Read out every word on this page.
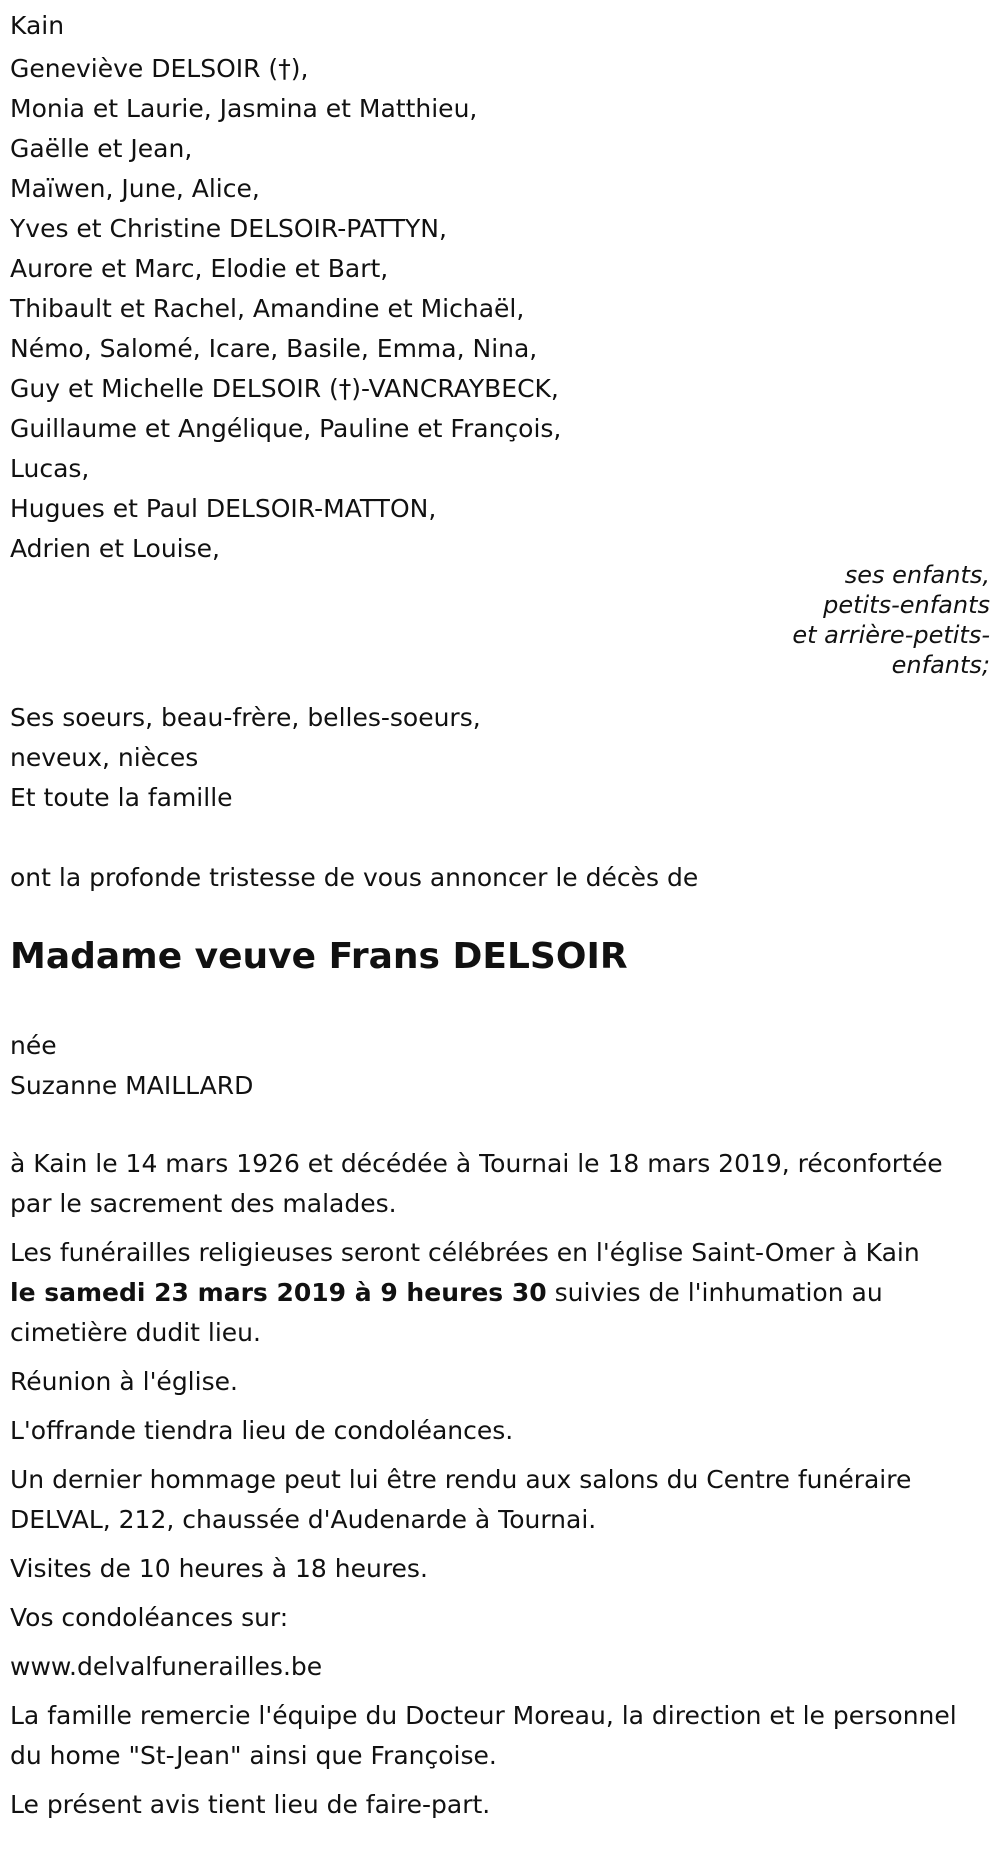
Kain

Geneviève DELSOIR (†),

Monia et Laurie, Jasmina et Matthieu,

Gaëlle et Jean,

Maïwen, June, Alice,

Yves et Christine DELSOIR-PATTYN,

Aurore et Marc, Elodie et Bart,

Thibault et Rachel, Amandine et Michaël,

Némo, Salomé, Icare, Basile, Emma, Nina,

Guy et Michelle DELSOIR (†)-VANCRAYBECK,

Guillaume et Angélique, Pauline et François,

Lucas,

Hugues et Paul DELSOIR-MATTON,

Adrien et Louise,

ses enfants, petits-enfants
et arrière-petits-enfants;

Ses soeurs, beau-frère, belles-soeurs,

neveux, nièces

Et toute la famille

ont la profonde tristesse de vous annoncer le décès de

Madame veuve Frans DELSOIR

née

Suzanne MAILLARD

à Kain le 14 mars 1926 et décédée à Tournai le 18 mars 2019, réconfortée par le sacrement des malades.

Les funérailles religieuses seront célébrées en l'église Saint-Omer à Kain
le samedi 23 mars 2019 à 9 heures 30 suivies de l'inhumation au cimetière dudit lieu.

Réunion à l'église.

L'offrande tiendra lieu de condoléances.

Un dernier hommage peut lui être rendu aux salons du Centre funéraire DELVAL, 212, chaussée d'Audenarde à Tournai.

Visites de 10 heures à 18 heures.

Vos condoléances sur:

www.delvalfunerailles.be

La famille remercie l'équipe du Docteur Moreau, la direction et le personnel du home "St-Jean" ainsi que Françoise.

Le présent avis tient lieu de faire-part.
